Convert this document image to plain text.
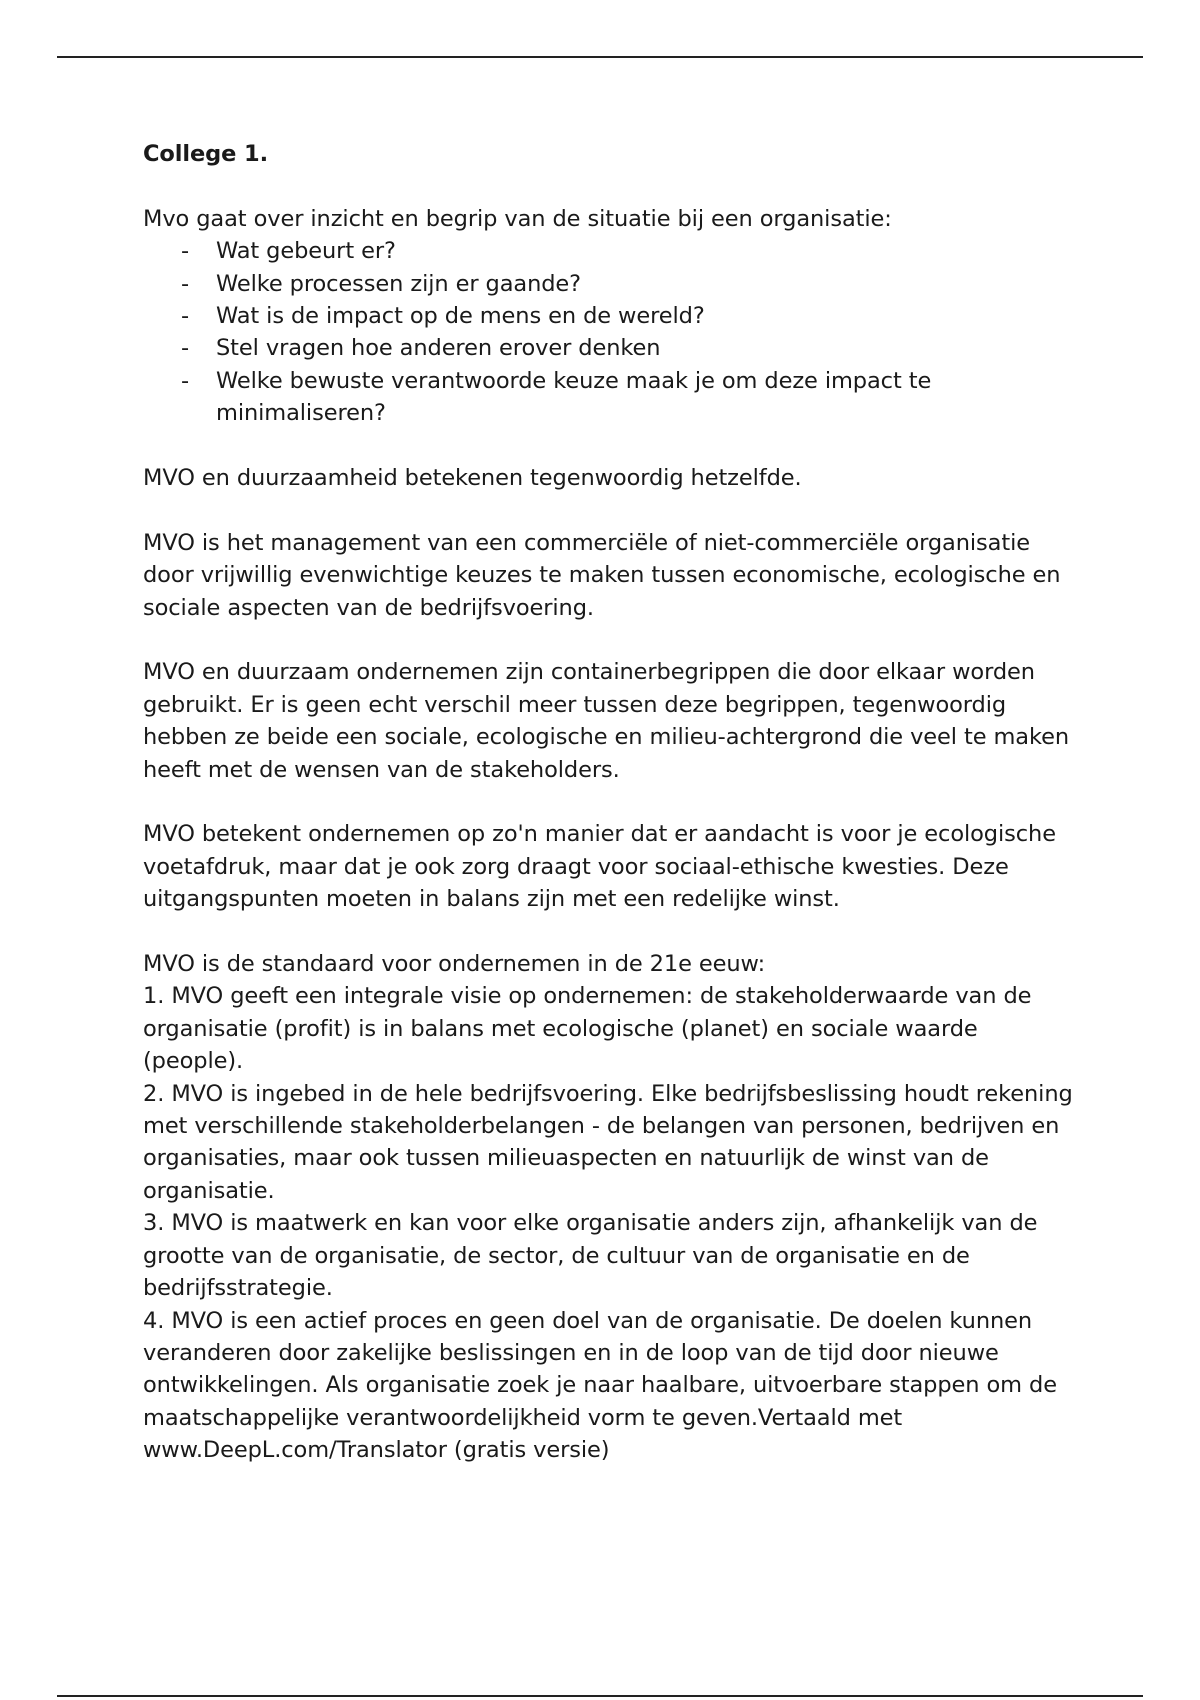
College 1.

Mvo gaat over inzicht en begrip van de situatie bij een organisatie:

- Wat gebeurt er?
- Welke processen zijn er gaande?
- Wat is de impact op de mens en de wereld?
- Stel vragen hoe anderen erover denken
- Welke bewuste verantwoorde keuze maak je om deze impact te minimaliseren?

MVO en duurzaamheid betekenen tegenwoordig hetzelfde.

MVO is het management van een commerciële of niet-commerciële organisatie door vrijwillig evenwichtige keuzes te maken tussen economische, ecologische en sociale aspecten van de bedrijfsvoering.

MVO en duurzaam ondernemen zijn containerbegrippen die door elkaar worden gebruikt. Er is geen echt verschil meer tussen deze begrippen, tegenwoordig hebben ze beide een sociale, ecologische en milieu-achtergrond die veel te maken heeft met de wensen van de stakeholders.

MVO betekent ondernemen op zo'n manier dat er aandacht is voor je ecologische voetafdruk, maar dat je ook zorg draagt voor sociaal-ethische kwesties. Deze uitgangspunten moeten in balans zijn met een redelijke winst.

MVO is de standaard voor ondernemen in de 21e eeuw:

1. MVO geeft een integrale visie op ondernemen: de stakeholderwaarde van de organisatie (profit) is in balans met ecologische (planet) en sociale waarde (people).
2. MVO is ingebed in de hele bedrijfsvoering. Elke bedrijfsbeslissing houdt rekening met verschillende stakeholderbelangen - de belangen van personen, bedrijven en organisaties, maar ook tussen milieuaspecten en natuurlijk de winst van de organisatie.
3. MVO is maatwerk en kan voor elke organisatie anders zijn, afhankelijk van de grootte van de organisatie, de sector, de cultuur van de organisatie en de bedrijfsstrategie.
4. MVO is een actief proces en geen doel van de organisatie. De doelen kunnen veranderen door zakelijke beslissingen en in de loop van de tijd door nieuwe ontwikkelingen. Als organisatie zoek je naar haalbare, uitvoerbare stappen om de maatschappelijke verantwoordelijkheid vorm te geven.Vertaald met www.DeepL.com/Translator (gratis versie)
